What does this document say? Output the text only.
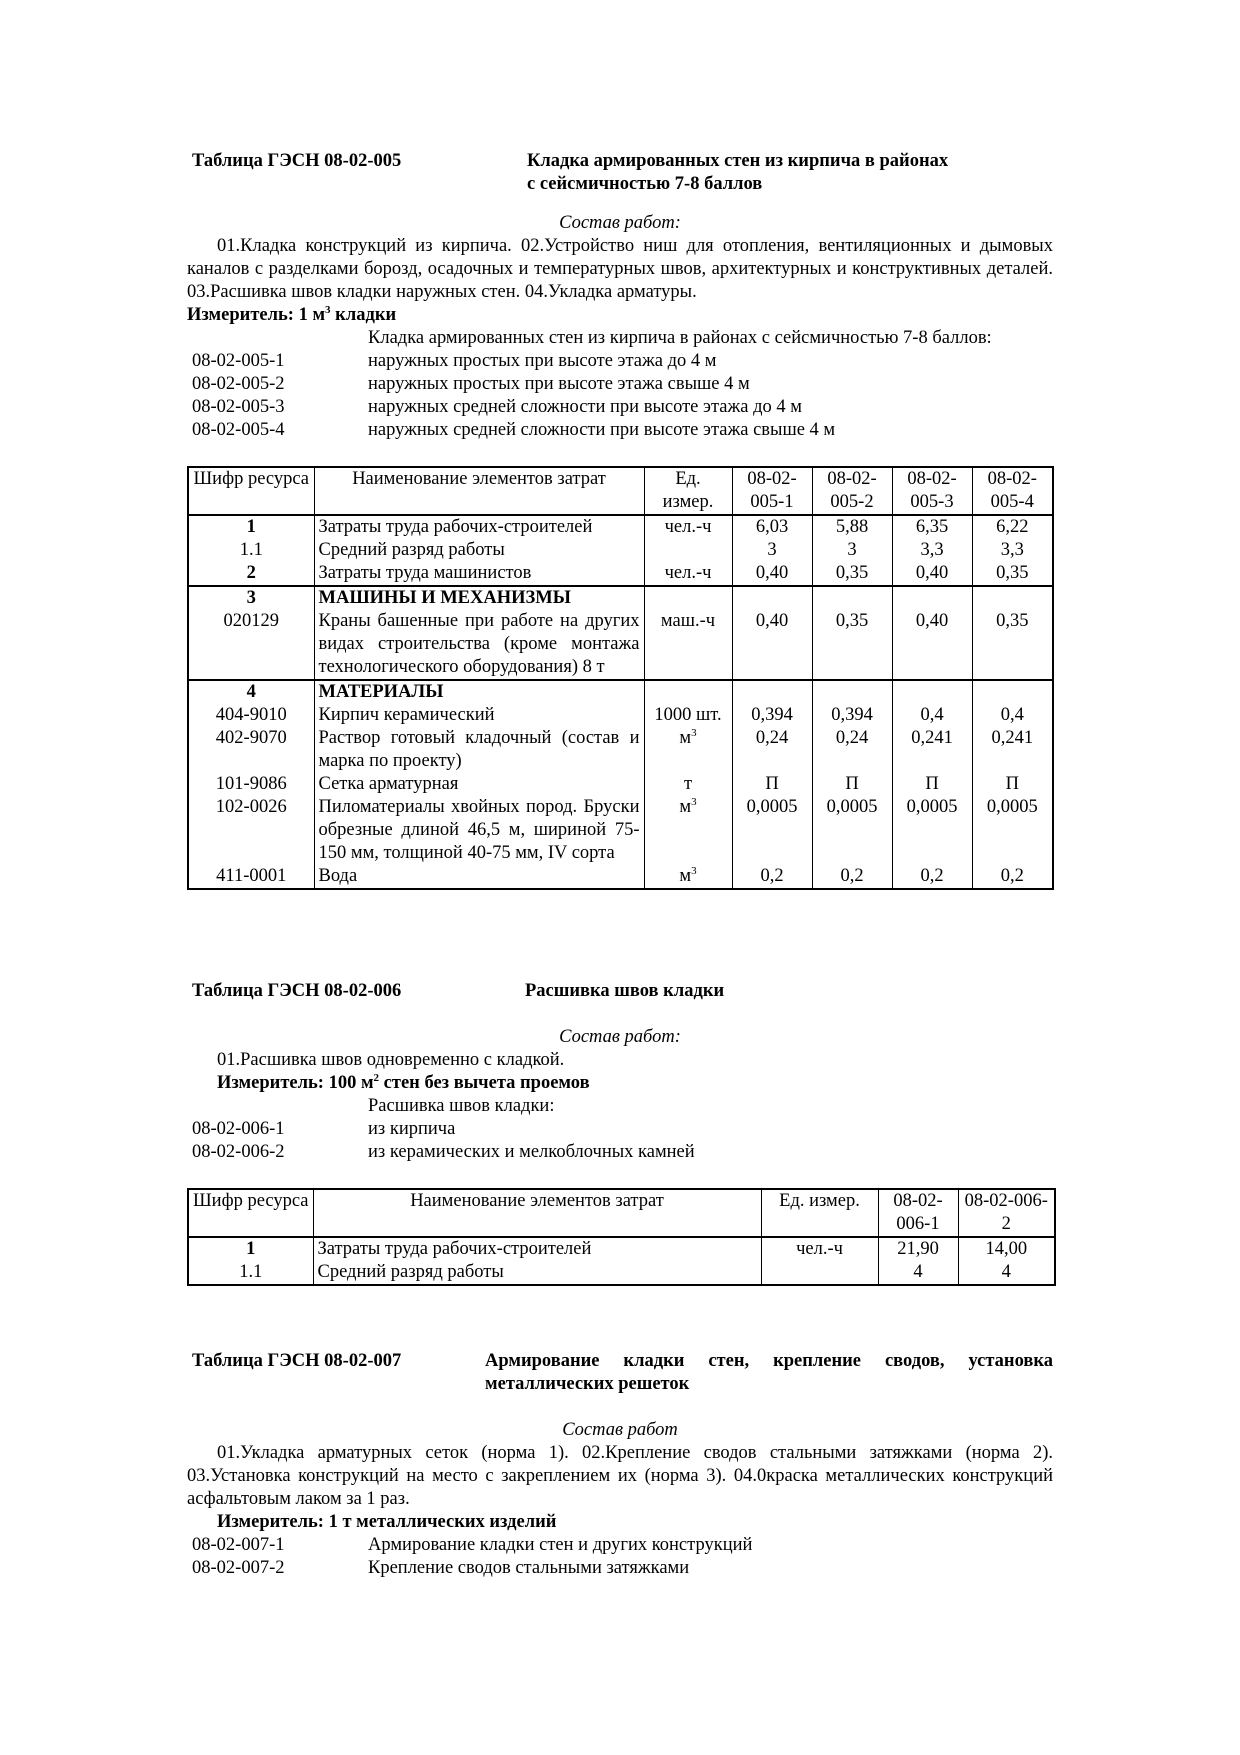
Таблица ГЭСН 08-02-005	Кладка армированных стен из кирпича в районах
с сейсмичностью 7-8 баллов
Состав работ:
01.Кладка конструкций из кирпича. 02.Устройство ниш для отопления, вентиляционных и дымовых каналов с разделками борозд, осадочных и температурных швов, архитектурных и конструктивных деталей. 03.Расшивка швов кладки наружных стен. 04.Укладка арматуры.
Измеритель: 1 $м^3$ кладки
Кладка армированных стен из кирпича в районах с сейсмичностью 7-8 баллов:
08-02-005-1	наружных простых при высоте этажа до 4 м
08-02-005-2	наружных простых при высоте этажа свыше 4 м
08-02-005-3	наружных средней сложности при высоте этажа до 4 м
08-02-005-4	наружных средней сложности при высоте этажа свыше 4 м
Шифр ресурса	Наименование элементов затрат	Ед. измер.	08-02-005-1	08-02-005-2	08-02-005-3	08-02-005-4
1	Затраты труда рабочих-строителей	чел.-ч	6,03	5,88	6,35	6,22
1.1	Средний разряд работы		3	3	3,3	3,3
2	Затраты труда машинистов	чел.-ч	0,40	0,35	0,40	0,35
3	МАШИНЫ И МЕХАНИЗМЫ					
020129	Краны башенные при работе на других видах строительства (кроме монтажа технологического оборудования) 8 т	маш.-ч	0,40	0,35	0,40	0,35
4	МАТЕРИАЛЫ					
404-9010	Кирпич керамический	1000 шт.	0,394	0,394	0,4	0,4
402-9070	Раствор готовый кладочный (состав и марка по проекту)	$м^3$	0,24	0,24	0,241	0,241
101-9086	Сетка арматурная	т	П	П	П	П
102-0026	Пиломатериалы хвойных пород. Бруски обрезные длиной 46,5 м, шириной 75-150 мм, толщиной 40-75 мм, IV сорта	$м^3$	0,0005	0,0005	0,0005	0,0005
411-0001	Вода	$м^3$	0,2	0,2	0,2	0,2
Таблица ГЭСН 08-02-006	Расшивка швов кладки
Состав работ:
01.Расшивка швов одновременно с кладкой.
Измеритель: 100 $м^2$ стен без вычета проемов
Расшивка швов кладки:
08-02-006-1	из кирпича
08-02-006-2	из керамических и мелкоблочных камней
Шифр ресурса	Наименование элементов затрат	Ед. измер.	08-02-006-1	08-02-006-2
1	Затраты труда рабочих-строителей	чел.-ч	21,90	14,00
1.1	Средний разряд работы		4	4
Таблица ГЭСН 08-02-007	Армирование кладки стен, крепление сводов, установка металлических решеток
Состав работ
01.Укладка арматурных сеток (норма 1). 02.Крепление сводов стальными затяжками (норма 2). 03.Установка конструкций на место с закреплением их (норма 3). 04.0краска металлических конструкций асфальтовым лаком за 1 раз.
Измеритель: 1 т металлических изделий
08-02-007-1	Армирование кладки стен и других конструкций
08-02-007-2	Крепление сводов стальными затяжками
